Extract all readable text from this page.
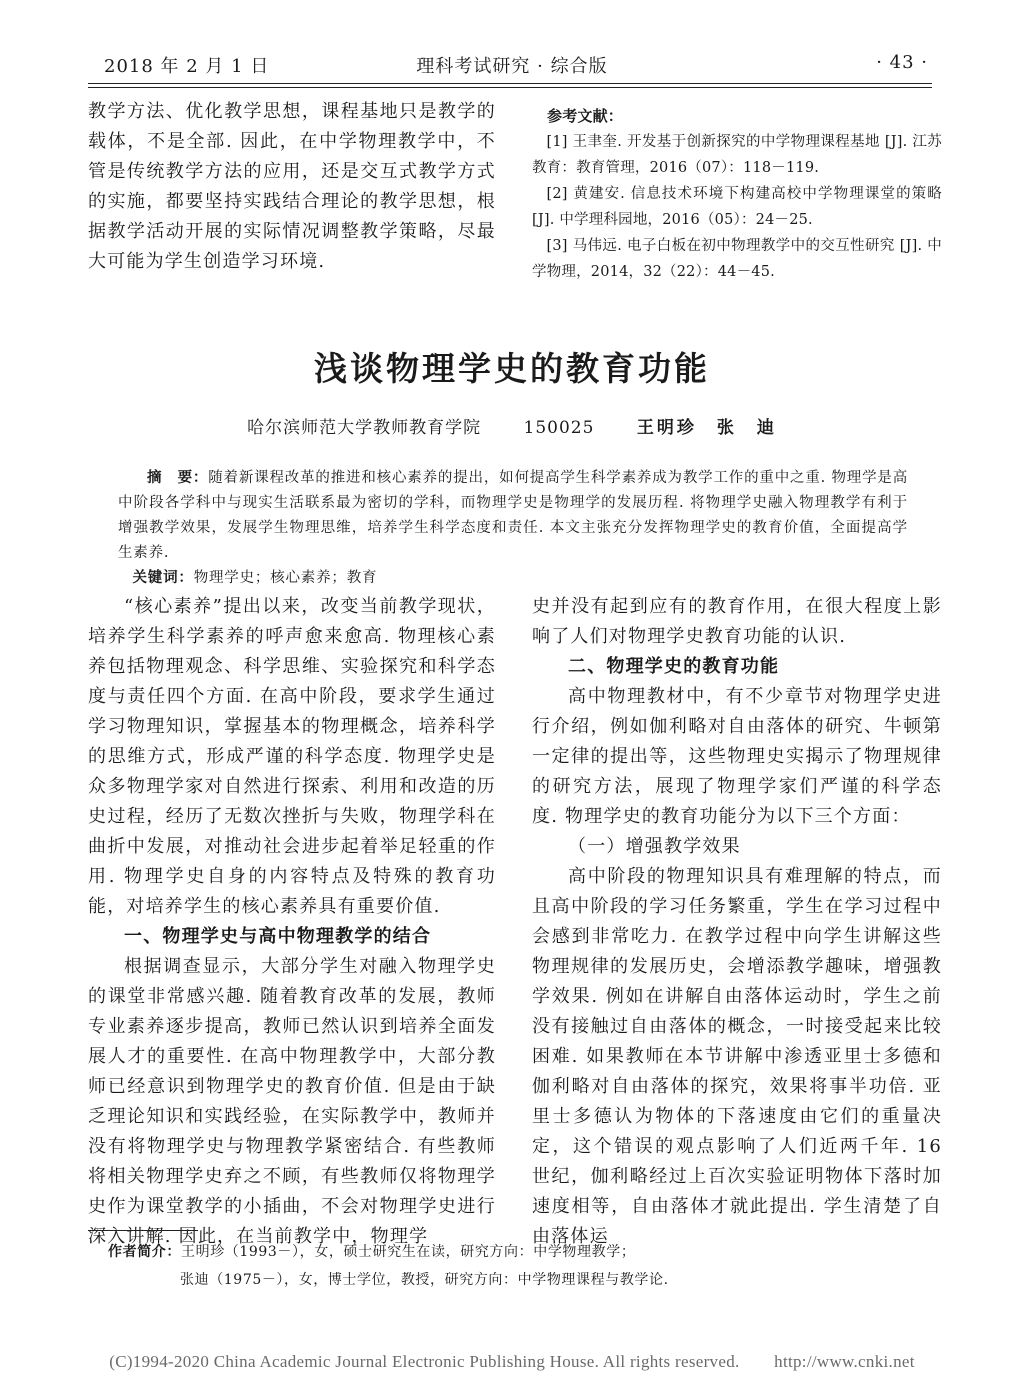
2018 年 2 月 1 日	理科考试研究 · 综合版	· 43 ·

教学方法、优化教学思想，课程基地只是教学的载体，不是全部. 因此，在中学物理教学中，不管是传统教学方法的应用，还是交互式教学方式的实施，都要坚持实践结合理论的教学思想，根据教学活动开展的实际情况调整教学策略，尽最大可能为学生创造学习环境.

参考文献：

[1] 王聿奎. 开发基于创新探究的中学物理课程基地 [J]. 江苏教育：教育管理，2016（07）：118－119.

[2] 黄建安. 信息技术环境下构建高校中学物理课堂的策略 [J]. 中学理科园地，2016（05）：24－25.

[3] 马伟远. 电子白板在初中物理教学中的交互性研究 [J]. 中学物理，2014，32（22）：44－45.

浅谈物理学史的教育功能
哈尔滨师范大学教师教育学院 150025 王明珍　张　迪

摘　要：随着新课程改革的推进和核心素养的提出，如何提高学生科学素养成为教学工作的重中之重. 物理学是高中阶段各学科中与现实生活联系最为密切的学科，而物理学史是物理学的发展历程. 将物理学史融入物理教学有利于增强教学效果，发展学生物理思维，培养学生科学态度和责任. 本文主张充分发挥物理学史的教育价值，全面提高学生素养.

关键词：物理学史；核心素养；教育

“核心素养”提出以来，改变当前教学现状，培养学生科学素养的呼声愈来愈高. 物理核心素养包括物理观念、科学思维、实验探究和科学态度与责任四个方面. 在高中阶段，要求学生通过学习物理知识，掌握基本的物理概念，培养科学的思维方式，形成严谨的科学态度. 物理学史是众多物理学家对自然进行探索、利用和改造的历史过程，经历了无数次挫折与失败，物理学科在曲折中发展，对推动社会进步起着举足轻重的作用. 物理学史自身的内容特点及特殊的教育功能，对培养学生的核心素养具有重要价值.

一、物理学史与高中物理教学的结合

根据调查显示，大部分学生对融入物理学史的课堂非常感兴趣. 随着教育改革的发展，教师专业素养逐步提高，教师已然认识到培养全面发展人才的重要性. 在高中物理教学中，大部分教师已经意识到物理学史的教育价值. 但是由于缺乏理论知识和实践经验，在实际教学中，教师并没有将物理学史与物理教学紧密结合. 有些教师将相关物理学史弃之不顾，有些教师仅将物理学史作为课堂教学的小插曲，不会对物理学史进行深入讲解. 因此，在当前教学中，物理学

史并没有起到应有的教育作用，在很大程度上影响了人们对物理学史教育功能的认识.

二、物理学史的教育功能

高中物理教材中，有不少章节对物理学史进行介绍，例如伽利略对自由落体的研究、牛顿第一定律的提出等，这些物理史实揭示了物理规律的研究方法，展现了物理学家们严谨的科学态度. 物理学史的教育功能分为以下三个方面：

（一）增强教学效果

高中阶段的物理知识具有难理解的特点，而且高中阶段的学习任务繁重，学生在学习过程中会感到非常吃力. 在教学过程中向学生讲解这些物理规律的发展历史，会增添教学趣味，增强教学效果. 例如在讲解自由落体运动时，学生之前没有接触过自由落体的概念，一时接受起来比较困难. 如果教师在本节讲解中渗透亚里士多德和伽利略对自由落体的探究，效果将事半功倍. 亚里士多德认为物体的下落速度由它们的重量决定，这个错误的观点影响了人们近两千年. 16 世纪，伽利略经过上百次实验证明物体下落时加速度相等，自由落体才就此提出. 学生清楚了自由落体运

作者简介：王明珍（1993－），女，硕士研究生在读，研究方向：中学物理教学；

张迪（1975－），女，博士学位，教授，研究方向：中学物理课程与教学论.

(C)1994-2020 China Academic Journal Electronic Publishing House. All rights reserved.　　http://www.cnki.net
